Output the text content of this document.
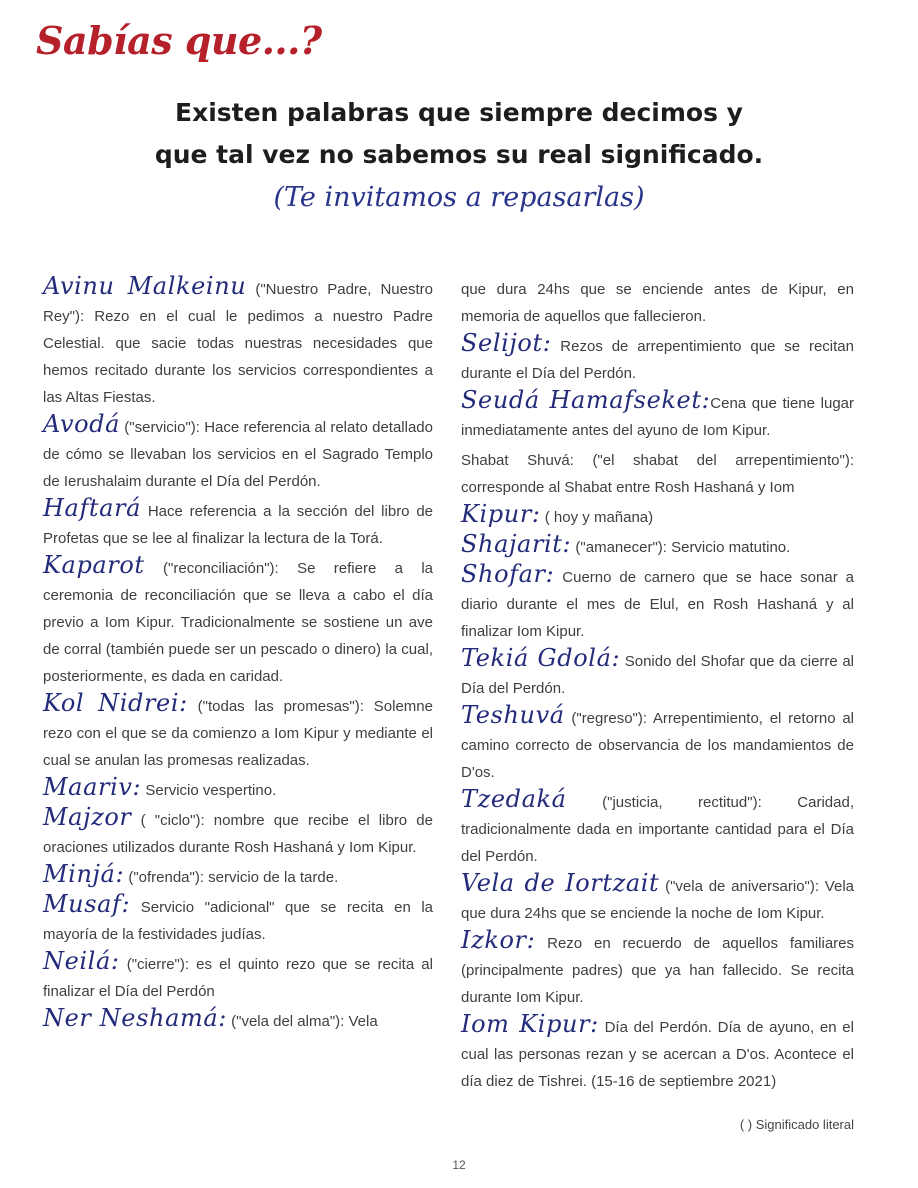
Sabías que...?
Existen palabras que siempre decimos y
que tal vez no sabemos su real significado.
(Te invitamos a repasarlas)

Avinu Malkeinu ("Nuestro Padre, Nuestro Rey"): Rezo en el cual le pedimos a nuestro Padre Celestial. que sacie todas nuestras necesidades que hemos recitado durante los servicios correspondientes a las Altas Fiestas.

Avodá ("servicio"): Hace referencia al relato detallado de cómo se llevaban los servicios en el Sagrado Templo de Ierushalaim durante el Día del Perdón.

Haftará Hace referencia a la sección del libro de Profetas que se lee al finalizar la lectura de la Torá.

Kaparot ("reconciliación"): Se refiere a la ceremonia de reconciliación que se lleva a cabo el día previo a Iom Kipur. Tradicionalmente se sostiene un ave de corral (también puede ser un pescado o dinero) la cual, posteriormente, es dada en caridad.

Kol Nidrei: ("todas las promesas"): Solemne rezo con el que se da comienzo a Iom Kipur y mediante el cual se anulan las promesas realizadas.

Maariv: Servicio vespertino.

Majzor ( "ciclo"): nombre que recibe el libro de oraciones utilizados durante Rosh Hashaná y Iom Kipur.

Minjá: ("ofrenda"): servicio de la tarde.

Musaf: Servicio "adicional" que se recita en la mayoría de la festividades judías.

Neilá: ("cierre"): es el quinto rezo que se recita al finalizar el Día del Perdón

Ner Neshamá: ("vela del alma"): Vela

que dura 24hs que se enciende antes de Kipur, en memoria de aquellos que fallecieron.

Selijot: Rezos de arrepentimiento que se recitan durante el Día del Perdón.

Seudá Hamafseket:Cena que tiene lugar inmediatamente antes del ayuno de Iom Kipur.

Shabat Shuvá: ("el shabat del arrepentimiento"): corresponde al Shabat entre Rosh Hashaná y Iom

Kipur: ( hoy y mañana)

Shajarit: ("amanecer"): Servicio matutino.

Shofar: Cuerno de carnero que se hace sonar a diario durante el mes de Elul, en Rosh Hashaná y al finalizar Iom Kipur.

Tekiá Gdolá: Sonido del Shofar que da cierre al Día del Perdón.

Teshuvá ("regreso"): Arrepentimiento, el retorno al camino correcto de observancia de los mandamientos de D'os.

Tzedaká ("justicia, rectitud"): Caridad, tradicionalmente dada en importante cantidad para el Día del Perdón.

Vela de Iortzait ("vela de aniversario"): Vela que dura 24hs que se enciende la noche de Iom Kipur.

Izkor: Rezo en recuerdo de aquellos familiares (principalmente padres) que ya han fallecido. Se recita durante Iom Kipur.

Iom Kipur: Día del Perdón. Día de ayuno, en el cual las personas rezan y se acercan a D'os. Acontece el día diez de Tishrei. (15-16 de septiembre 2021)

( ) Significado literal
12
